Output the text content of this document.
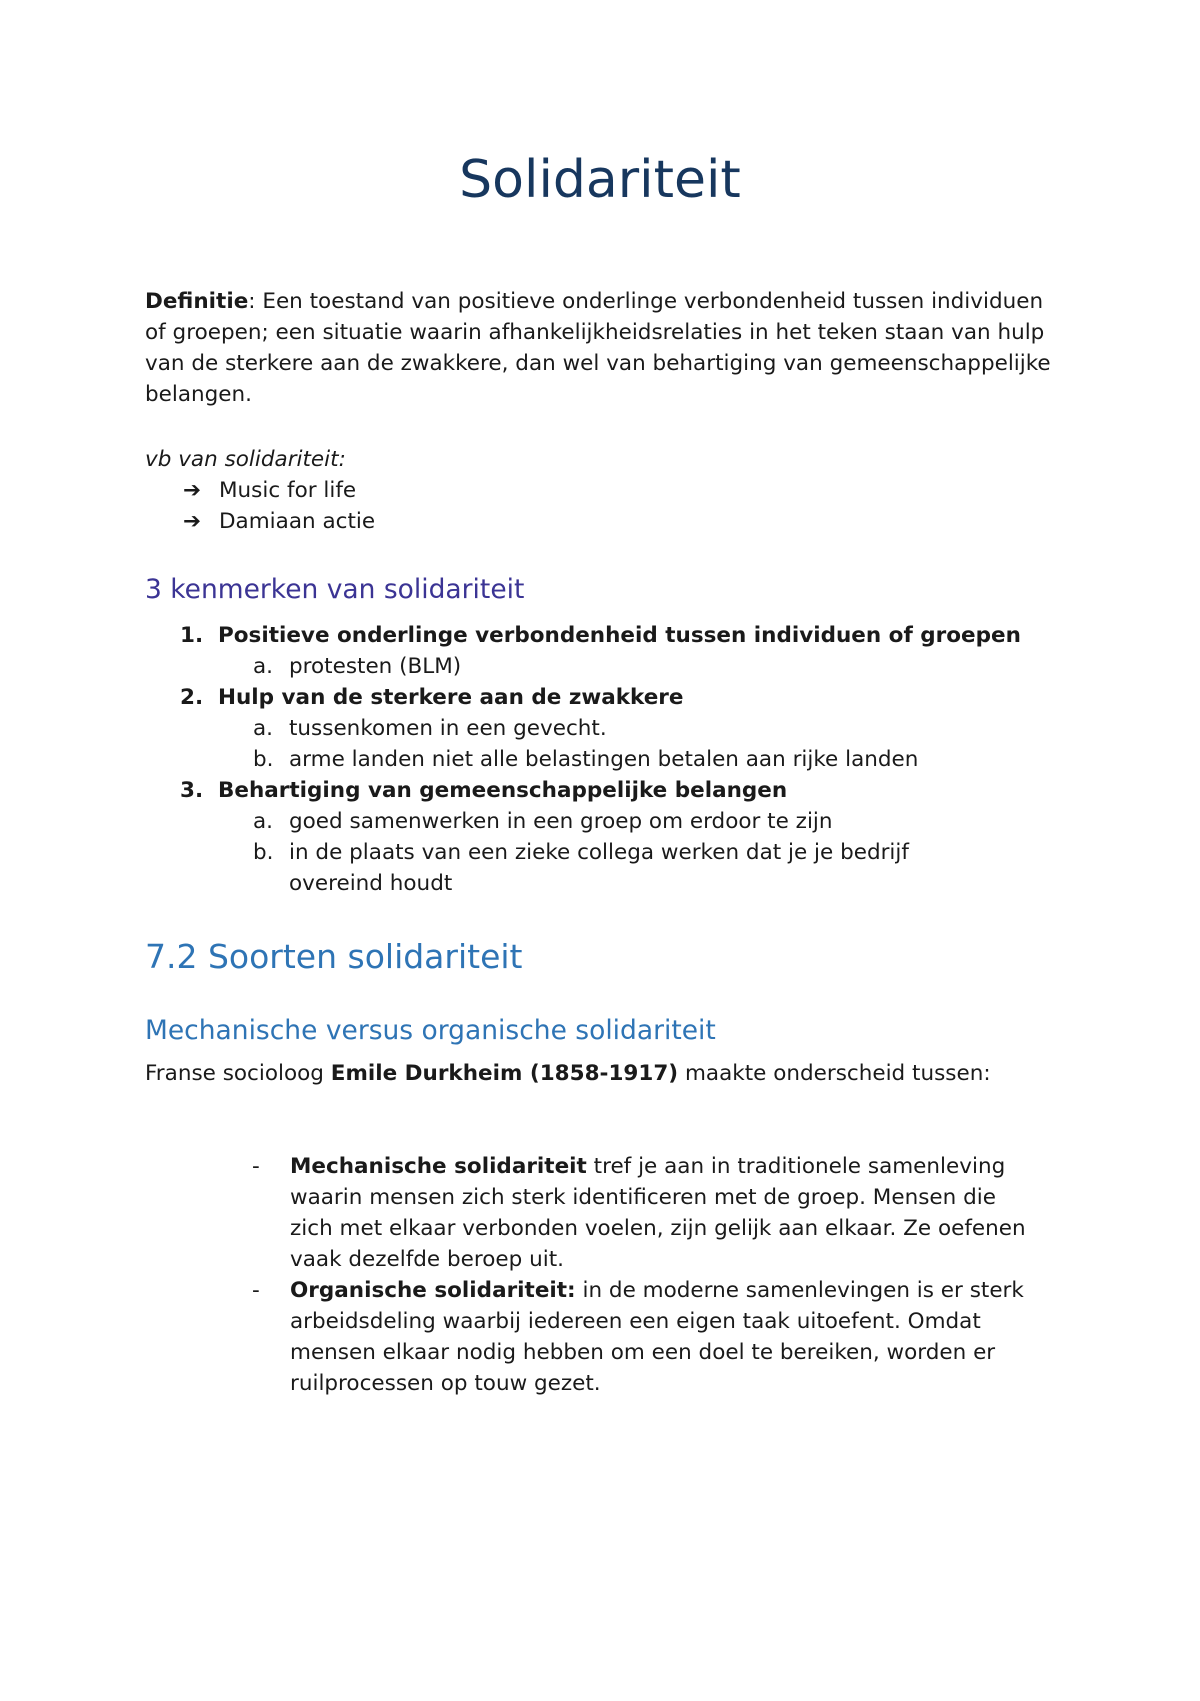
Solidariteit

Definitie: Een toestand van positieve onderlinge verbondenheid tussen individuen of groepen; een situatie waarin afhankelijkheidsrelaties in het teken staan van hulp van de sterkere aan de zwakkere, dan wel van behartiging van gemeenschappelijke belangen.

vb van solidariteit:

➔ Music for life
➔ Damiaan actie
3 kenmerken van solidariteit
1. Positieve onderlinge verbondenheid tussen individuen of groepen
a. protesten (BLM)
2. Hulp van de sterkere aan de zwakkere
a. tussenkomen in een gevecht.
b. arme landen niet alle belastingen betalen aan rijke landen
3. Behartiging van gemeenschappelijke belangen
a. goed samenwerken in een groep om erdoor te zijn
b. in de plaats van een zieke collega werken dat je je bedrijf overeind houdt
7.2 Soorten solidariteit
Mechanische versus organische solidariteit
Franse socioloog Emile Durkheim (1858-1917) maakte onderscheid tussen:
- Mechanische solidariteit tref je aan in traditionele samenleving waarin mensen zich sterk identificeren met de groep. Mensen die zich met elkaar verbonden voelen, zijn gelijk aan elkaar. Ze oefenen vaak dezelfde beroep uit.
- Organische solidariteit: in de moderne samenlevingen is er sterk arbeidsdeling waarbij iedereen een eigen taak uitoefent. Omdat mensen elkaar nodig hebben om een doel te bereiken, worden er ruilprocessen op touw gezet.
